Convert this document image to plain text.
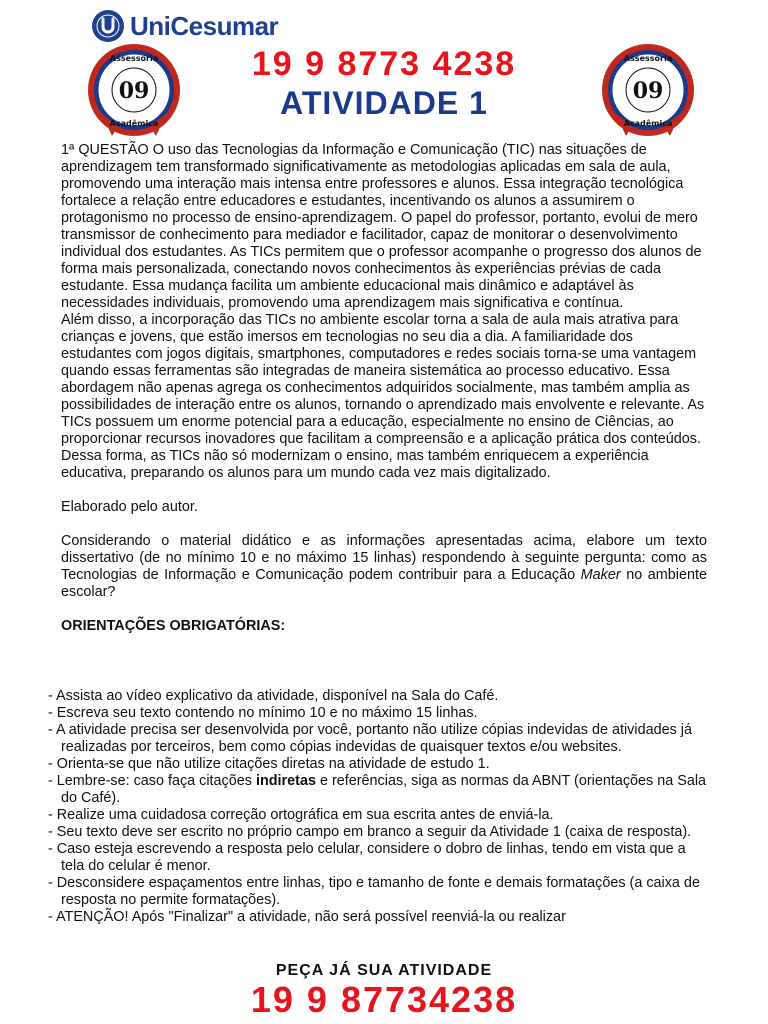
UniCesumar
09
Assessoria
Acadêmica
09
Assessoria
Acadêmica
19 9 8773 4238
ATIVIDADE 1

1ª QUESTÃO O uso das Tecnologias da Informação e Comunicação (TIC) nas situações de aprendizagem tem transformado significativamente as metodologias aplicadas em sala de aula, promovendo uma interação mais intensa entre professores e alunos. Essa integração tecnológica fortalece a relação entre educadores e estudantes, incentivando os alunos a assumirem o protagonismo no processo de ensino-aprendizagem. O papel do professor, portanto, evolui de mero transmissor de conhecimento para mediador e facilitador, capaz de monitorar o desenvolvimento individual dos estudantes. As TICs permitem que o professor acompanhe o progresso dos alunos de forma mais personalizada, conectando novos conhecimentos às experiências prévias de cada estudante. Essa mudança facilita um ambiente educacional mais dinâmico e adaptável às necessidades individuais, promovendo uma aprendizagem mais significativa e contínua.

Além disso, a incorporação das TICs no ambiente escolar torna a sala de aula mais atrativa para crianças e jovens, que estão imersos em tecnologias no seu dia a dia. A familiaridade dos estudantes com jogos digitais, smartphones, computadores e redes sociais torna-se uma vantagem quando essas ferramentas são integradas de maneira sistemática ao processo educativo. Essa abordagem não apenas agrega os conhecimentos adquiridos socialmente, mas também amplia as possibilidades de interação entre os alunos, tornando o aprendizado mais envolvente e relevante. As TICs possuem um enorme potencial para a educação, especialmente no ensino de Ciências, ao proporcionar recursos inovadores que facilitam a compreensão e a aplicação prática dos conteúdos. Dessa forma, as TICs não só modernizam o ensino, mas também enriquecem a experiência educativa, preparando os alunos para um mundo cada vez mais digitalizado.

Elaborado pelo autor.

Considerando o material didático e as informações apresentadas acima, elabore um texto dissertativo (de no mínimo 10 e no máximo 15 linhas) respondendo à seguinte pergunta: como as Tecnologias de Informação e Comunicação podem contribuir para a Educação Maker no ambiente escolar?

ORIENTAÇÕES OBRIGATÓRIAS:

- Assista ao vídeo explicativo da atividade, disponível na Sala do Café.
- Escreva seu texto contendo no mínimo 10 e no máximo 15 linhas.
- A atividade precisa ser desenvolvida por você, portanto não utilize cópias indevidas de atividades já realizadas por terceiros, bem como cópias indevidas de quaisquer textos e/ou websites.
- Orienta-se que não utilize citações diretas na atividade de estudo 1.
- Lembre-se: caso faça citações indiretas e referências, siga as normas da ABNT (orientações na Sala do Café).
- Realize uma cuidadosa correção ortográfica em sua escrita antes de enviá-la.
- Seu texto deve ser escrito no próprio campo em branco a seguir da Atividade 1 (caixa de resposta).
- Caso esteja escrevendo a resposta pelo celular, considere o dobro de linhas, tendo em vista que a tela do celular é menor.
- Desconsidere espaçamentos entre linhas, tipo e tamanho de fonte e demais formatações (a caixa de resposta no permite formatações).
- ATENÇÃO! Após "Finalizar" a atividade, não será possível reenviá-la ou realizar
PEÇA JÁ SUA ATIVIDADE
19 9 87734238
